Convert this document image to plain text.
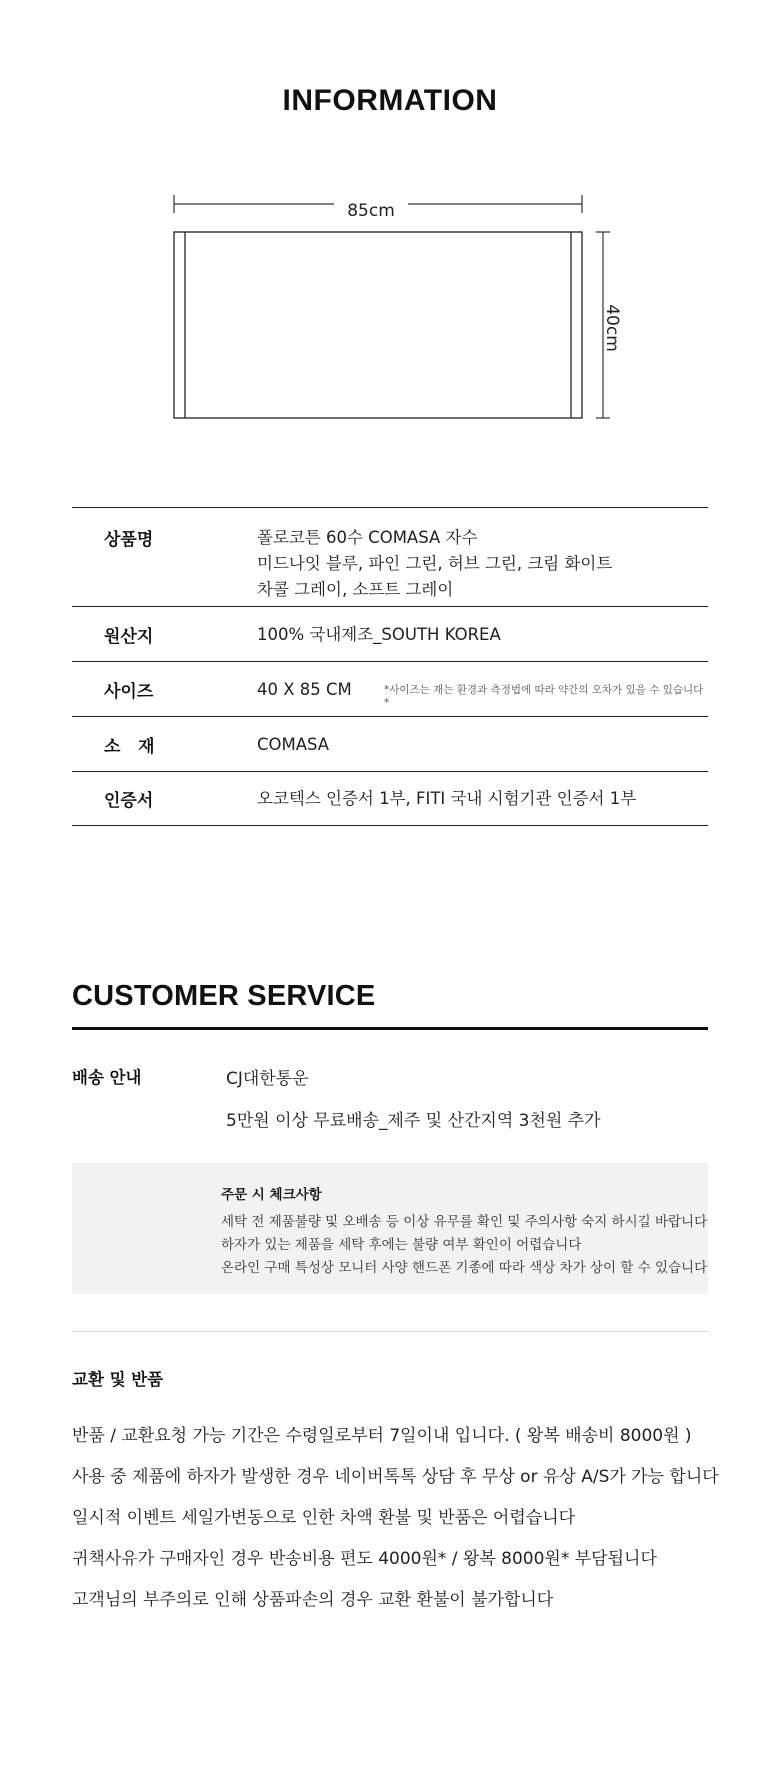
INFORMATION
85cm
40cm
상품명	폴로코튼 60수 COMASA 자수
미드나잇 블루, 파인 그린, 허브 그린, 크림 화이트
차콜 그레이, 소프트 그레이
원산지	100% 국내제조_SOUTH KOREA
사이즈	40 X 85 CM	*사이즈는 재는 환경과 측정법에 따라 약간의 오차가 있을 수 있습니다 *
소   재	COMASA
인증서	오코텍스 인증서 1부, FITI 국내 시험기관 인증서 1부
CUSTOMER SERVICE
배송 안내	CJ대한통운
5만원 이상 무료배송_제주 및 산간지역 3천원 추가
주문 시 체크사항
세탁 전 제품불량 및 오배송 등 이상 유무를 확인 및 주의사항 숙지 하시길 바랍니다
하자가 있는 제품을 세탁 후에는 불량 여부 확인이 어렵습니다
온라인 구매 특성상 모니터 사양 핸드폰 기종에 따라 색상 차가 상이 할 수 있습니다
교환 및 반품
반품 / 교환요청 가능 기간은 수령일로부터 7일이내 입니다. ( 왕복 배송비 8000원 )
사용 중 제품에 하자가 발생한 경우 네이버톡톡 상담 후 무상 or 유상 A/S가 가능 합니다
일시적 이벤트 세일가변동으로 인한 차액 환불 및 반품은 어렵습니다
귀책사유가 구매자인 경우 반송비용 편도 4000원* / 왕복 8000원* 부담됩니다
고객님의 부주의로 인해 상품파손의 경우 교환 환불이 불가합니다
